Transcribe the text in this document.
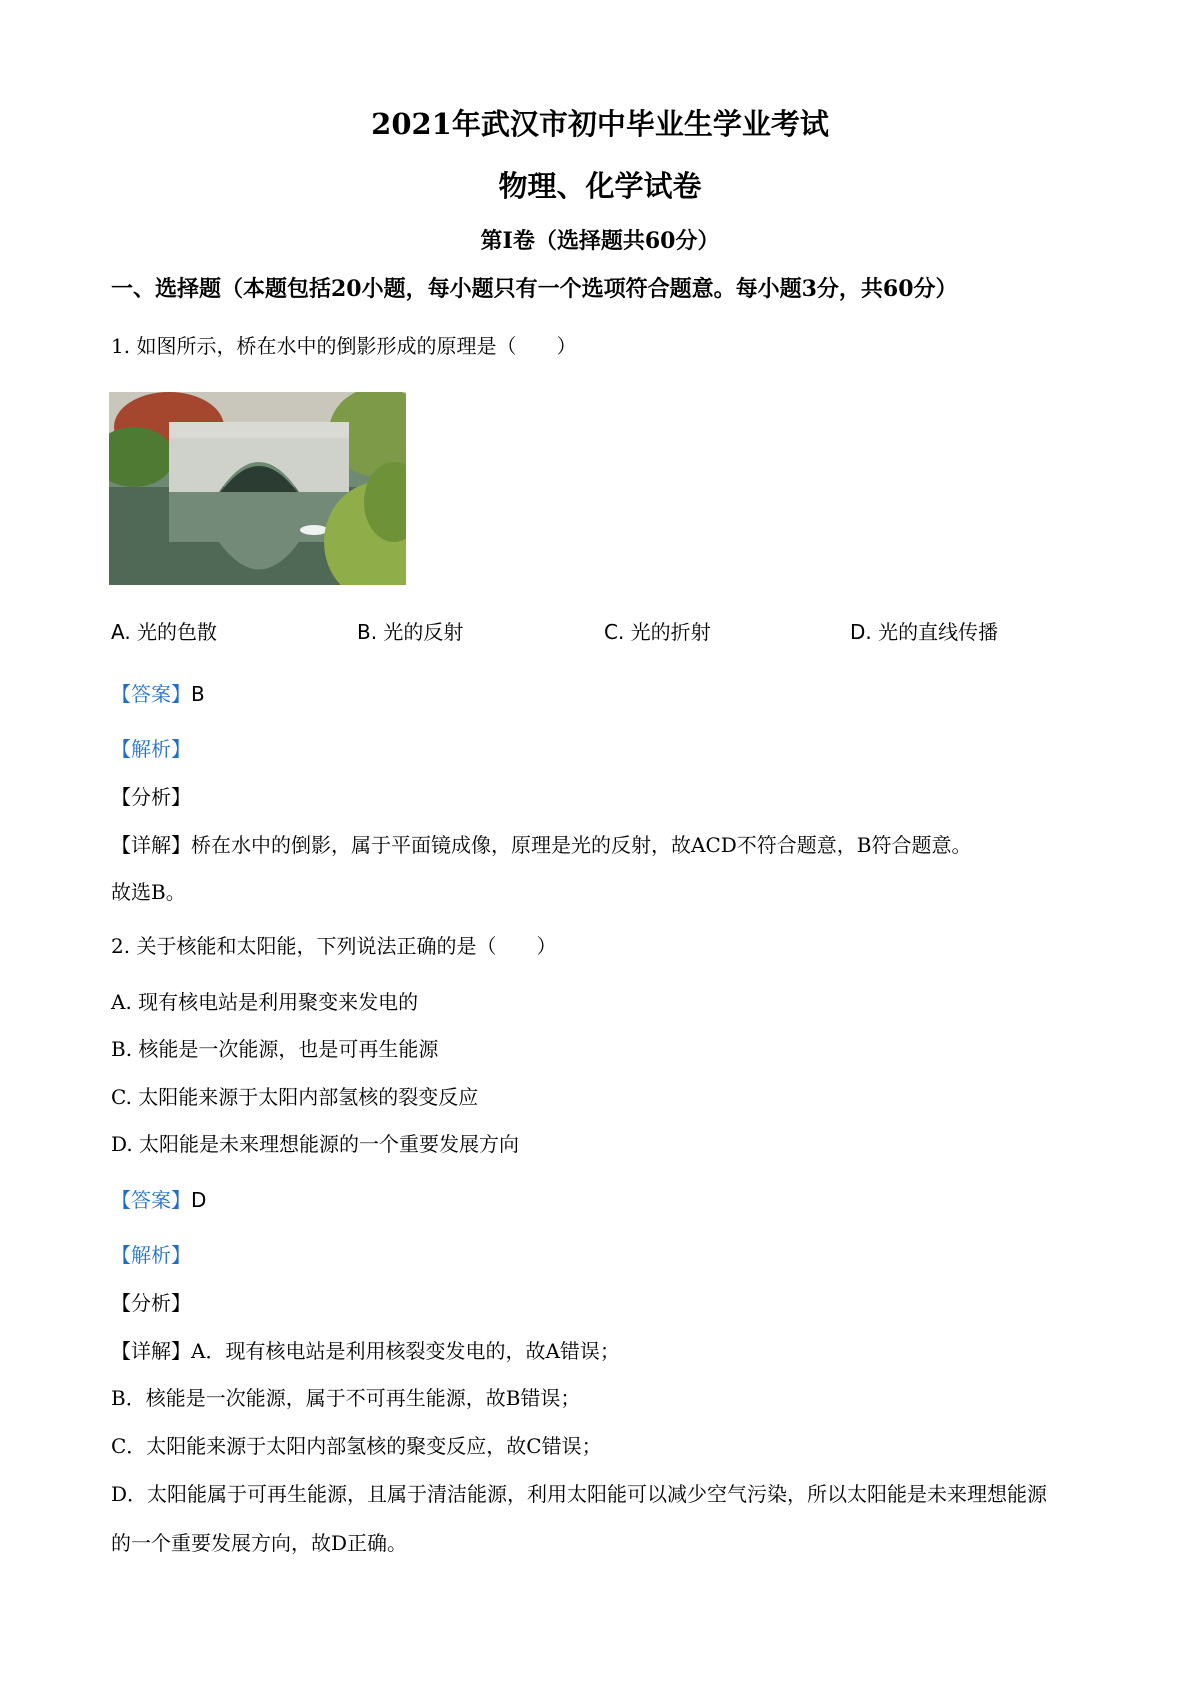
2021年武汉市初中毕业生学业考试
物理、化学试卷
第I卷（选择题共60分）
一、选择题（本题包括20小题，每小题只有一个选项符合题意。每小题3分，共60分）
1. 如图所示，桥在水中的倒影形成的原理是（　　）
A. 光的色散	B. 光的反射	C. 光的折射	D. 光的直线传播
【答案】B
【解析】
【分析】
【详解】桥在水中的倒影，属于平面镜成像，原理是光的反射，故ACD不符合题意，B符合题意。
故选B。
2. 关于核能和太阳能，下列说法正确的是（　　）
A. 现有核电站是利用聚变来发电的
B. 核能是一次能源，也是可再生能源
C. 太阳能来源于太阳内部氢核的裂变反应
D. 太阳能是未来理想能源的一个重要发展方向
【答案】D
【解析】
【分析】
【详解】A．现有核电站是利用核裂变发电的，故A错误；
B．核能是一次能源，属于不可再生能源，故B错误；
C．太阳能来源于太阳内部氢核的聚变反应，故C错误；
D．太阳能属于可再生能源，且属于清洁能源，利用太阳能可以减少空气污染，所以太阳能是未来理想能源
的一个重要发展方向，故D正确。
